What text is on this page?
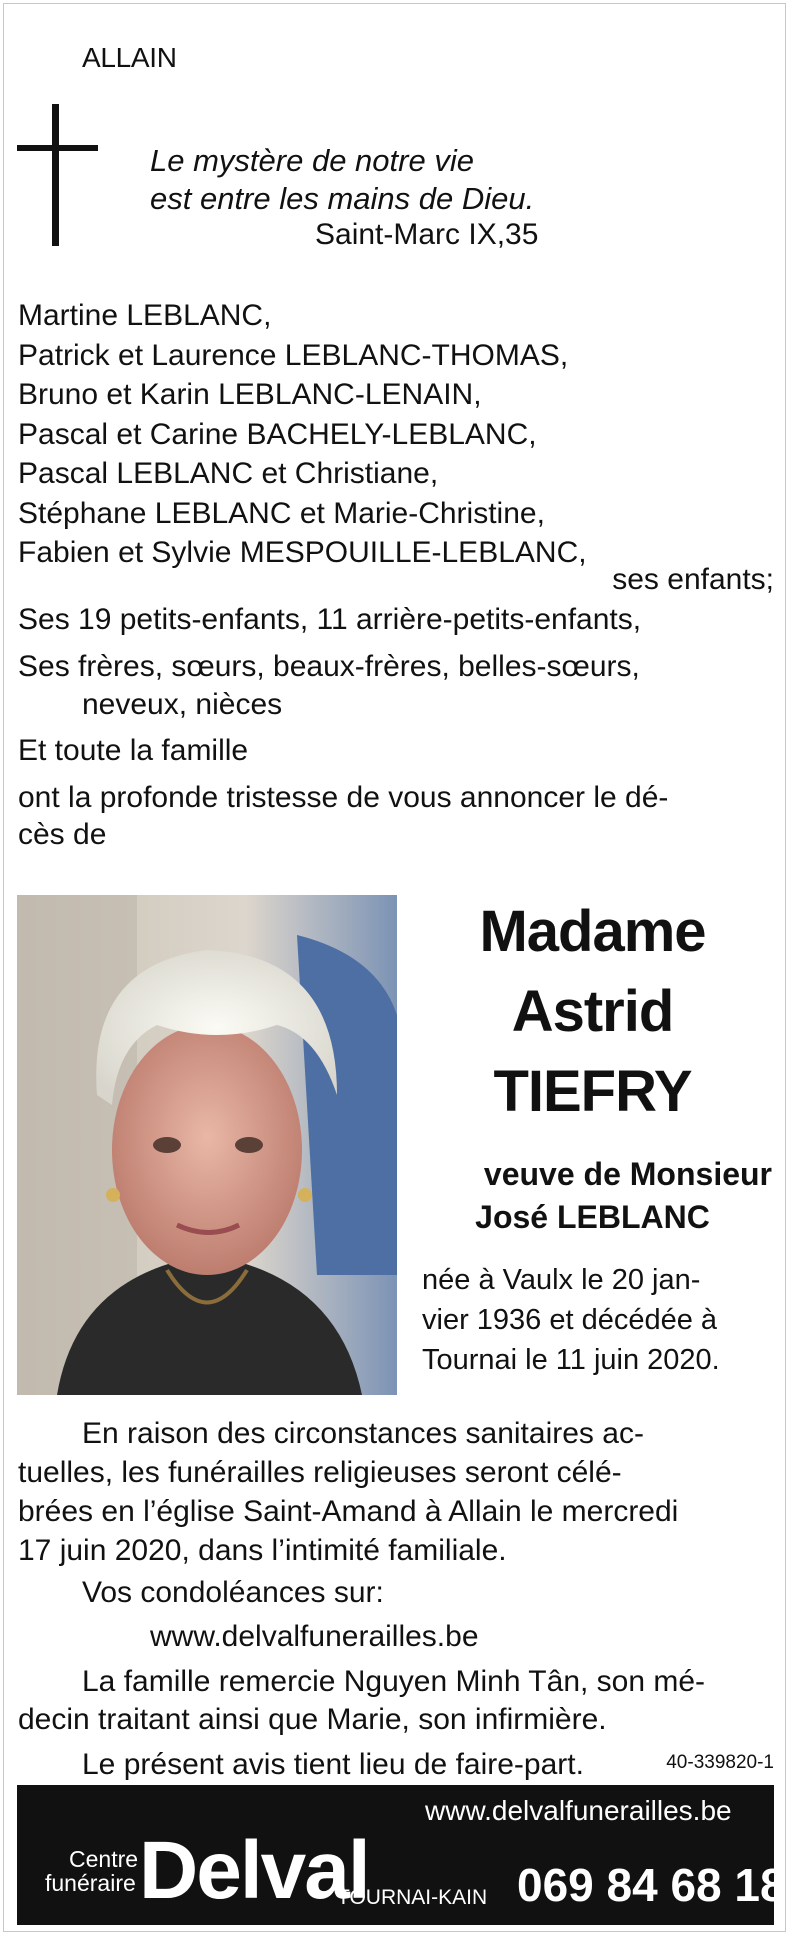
ALLAIN
Le mystère de notre vie
est entre les mains de Dieu.
Saint-Marc IX,35
Martine LEBLANC,
Patrick et Laurence LEBLANC-THOMAS,
Bruno et Karin LEBLANC-LENAIN,
Pascal et Carine BACHELY-LEBLANC,
Pascal LEBLANC et Christiane,
Stéphane LEBLANC et Marie-Christine,
Fabien et Sylvie MESPOUILLE-LEBLANC,
ses enfants;
Ses 19 petits-enfants, 11 arrière-petits-enfants,
Ses frères, sœurs, beaux-frères, belles-sœurs,
neveux, nièces
Et toute la famille
ont la profonde tristesse de vous annoncer le dé-
cès de
Madame
Astrid
TIEFRY
veuve de Monsieur
José LEBLANC
née à Vaulx le 20 jan-
vier 1936 et décédée à
Tournai le 11 juin 2020.
En raison des circonstances sanitaires ac-
tuelles, les funérailles religieuses seront célé-
brées en l’église Saint-Amand à Allain le mercredi
17 juin 2020, dans l’intimité familiale.
Vos condoléances sur:
www.delvalfunerailles.be
La famille remercie Nguyen Minh Tân, son mé-
decin traitant ainsi que Marie, son infirmière.
Le présent avis tient lieu de faire-part.	40-339820-1
Centre
funéraire Delval
www.delvalfunerailles.be
TOURNAI-KAIN 069 84 68 18
